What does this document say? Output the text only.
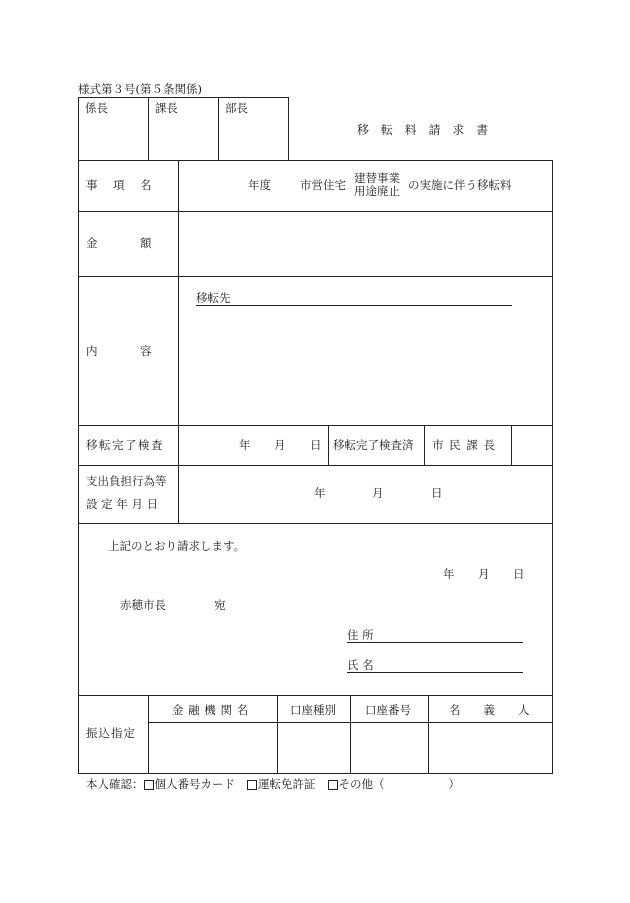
様式第３号(第５条関係)
係長	課長	部長
移 転 料 請 求 書
事　項　名	年度	市営住宅 建替事業
用途廃止 の実施に伴う移転料
金　　　額
内　　　容
移転先
移転完了検査	年 月 日 移転完了検査済 市 民 課 長
支出負担行為等
設 定 年 月 日
年	月	日
上記のとおり請求します。
年 月 日
赤穂市長	宛
住 所
氏 名
振込指定
金 融 機 関 名	口座種別	口座番号	名　　義　　人
本人確認： 個人番号カード 運転免許証 その他（	）
